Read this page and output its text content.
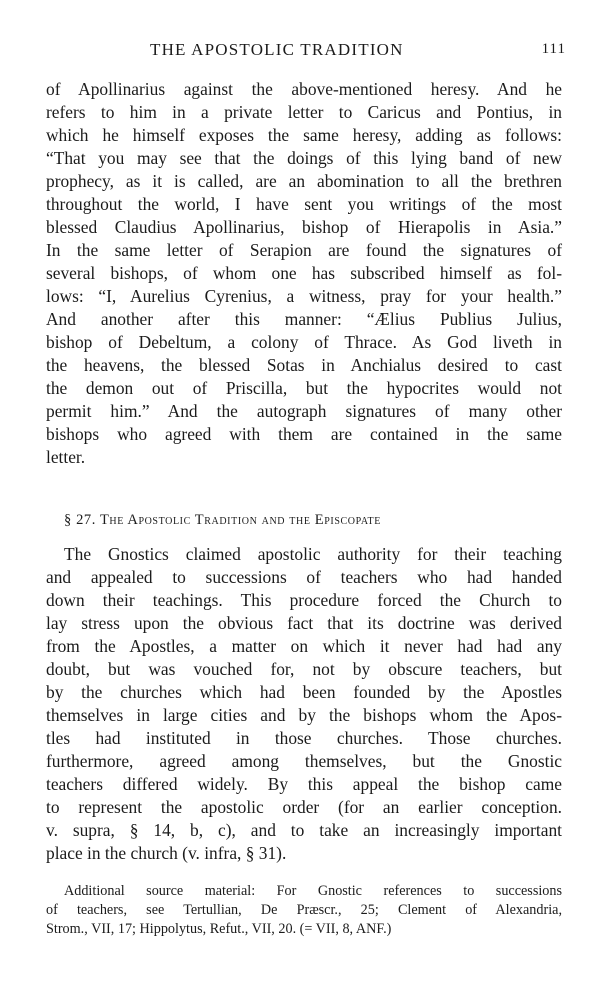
THE APOSTOLIC TRADITION	111
of Apollinarius against the above-mentioned heresy. And he
refers to him in a private letter to Caricus and Pontius, in
which he himself exposes the same heresy, adding as follows:
“That you may see that the doings of this lying band of new
prophecy, as it is called, are an abomination to all the brethren
throughout the world, I have sent you writings of the most
blessed Claudius Apollinarius, bishop of Hierapolis in Asia.”
In the same letter of Serapion are found the signatures of
several bishops, of whom one has subscribed himself as fol-
lows: “I, Aurelius Cyrenius, a witness, pray for your health.”
And another after this manner: “Ælius Publius Julius,
bishop of Debeltum, a colony of Thrace. As God liveth in
the heavens, the blessed Sotas in Anchialus desired to cast
the demon out of Priscilla, but the hypocrites would not
permit him.” And the autograph signatures of many other
bishops who agreed with them are contained in the same
letter.
§ 27. The Apostolic Tradition and the Episcopate
The Gnostics claimed apostolic authority for their teaching
and appealed to successions of teachers who had handed
down their teachings. This procedure forced the Church to
lay stress upon the obvious fact that its doctrine was derived
from the Apostles, a matter on which it never had had any
doubt, but was vouched for, not by obscure teachers, but
by the churches which had been founded by the Apostles
themselves in large cities and by the bishops whom the Apos-
tles had instituted in those churches. Those churches.
furthermore, agreed among themselves, but the Gnostic
teachers differed widely. By this appeal the bishop came
to represent the apostolic order (for an earlier conception.
v. supra, § 14, b, c), and to take an increasingly important
place in the church (v. infra, § 31).
Additional source material: For Gnostic references to successions
of teachers, see Tertullian, De Præscr., 25; Clement of Alexandria,
Strom., VII, 17; Hippolytus, Refut., VII, 20. (= VII, 8, ANF.)
